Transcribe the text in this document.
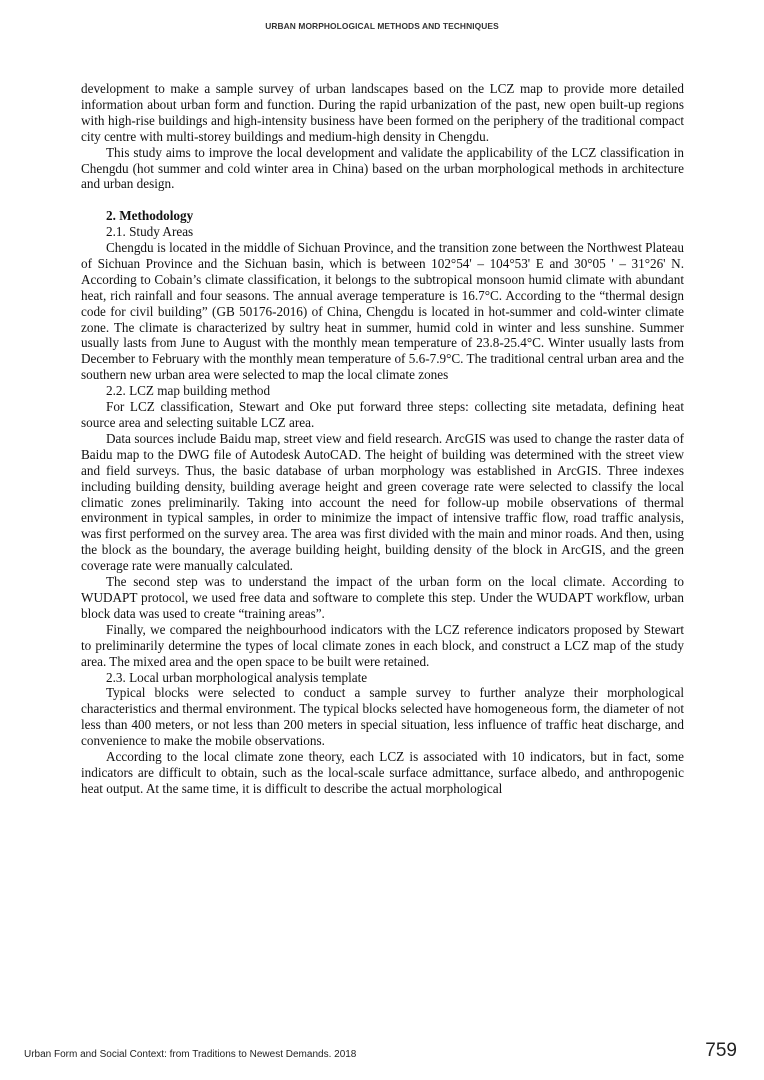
URBAN MORPHOLOGICAL METHODS AND TECHNIQUES

development to make a sample survey of urban landscapes based on the LCZ map to provide more detailed information about urban form and function. During the rapid urbanization of the past, new open built-up regions with high-rise buildings and high-intensity business have been formed on the periphery of the traditional compact city centre with multi-storey buildings and medium-high density in Chengdu.

This study aims to improve the local development and validate the applicability of the LCZ classification in Chengdu (hot summer and cold winter area in China) based on the urban morphological methods in architecture and urban design.

2. Methodology

2.1. Study Areas

Chengdu is located in the middle of Sichuan Province, and the transition zone between the Northwest Plateau of Sichuan Province and the Sichuan basin, which is between 102°54' – 104°53' E and 30°05 ' – 31°26' N. According to Cobain’s climate classification, it belongs to the subtropical monsoon humid climate with abundant heat, rich rainfall and four seasons. The annual average temperature is 16.7°C. According to the “thermal design code for civil building” (GB 50176-2016) of China, Chengdu is located in hot-summer and cold-winter climate zone. The climate is characterized by sultry heat in summer, humid cold in winter and less sunshine. Summer usually lasts from June to August with the monthly mean temperature of 23.8-25.4°C. Winter usually lasts from December to February with the monthly mean temperature of 5.6-7.9°C. The traditional central urban area and the southern new urban area were selected to map the local climate zones

2.2. LCZ map building method

For LCZ classification, Stewart and Oke put forward three steps: collecting site metadata, defining heat source area and selecting suitable LCZ area.

Data sources include Baidu map, street view and field research. ArcGIS was used to change the raster data of Baidu map to the DWG file of Autodesk AutoCAD. The height of building was determined with the street view and field surveys. Thus, the basic database of urban morphology was established in ArcGIS. Three indexes including building density, building average height and green coverage rate were selected to classify the local climatic zones preliminarily. Taking into account the need for follow-up mobile observations of thermal environment in typical samples, in order to minimize the impact of intensive traffic flow, road traffic analysis, was first performed on the survey area. The area was first divided with the main and minor roads. And then, using the block as the boundary, the average building height, building density of the block in ArcGIS, and the green coverage rate were manually calculated.

The second step was to understand the impact of the urban form on the local climate. According to WUDAPT protocol, we used free data and software to complete this step. Under the WUDAPT workflow, urban block data was used to create “training areas”.

Finally, we compared the neighbourhood indicators with the LCZ reference indicators proposed by Stewart to preliminarily determine the types of local climate zones in each block, and construct a LCZ map of the study area. The mixed area and the open space to be built were retained.

2.3. Local urban morphological analysis template

Typical blocks were selected to conduct a sample survey to further analyze their morphological characteristics and thermal environment. The typical blocks selected have homogeneous form, the diameter of not less than 400 meters, or not less than 200 meters in special situation, less influence of traffic heat discharge, and convenience to make the mobile observations.

According to the local climate zone theory, each LCZ is associated with 10 indicators, but in fact, some indicators are difficult to obtain, such as the local-scale surface admittance, surface albedo, and anthropogenic heat output. At the same time, it is difficult to describe the actual morphological

Urban Form and Social Context: from Traditions to Newest Demands. 2018	759
